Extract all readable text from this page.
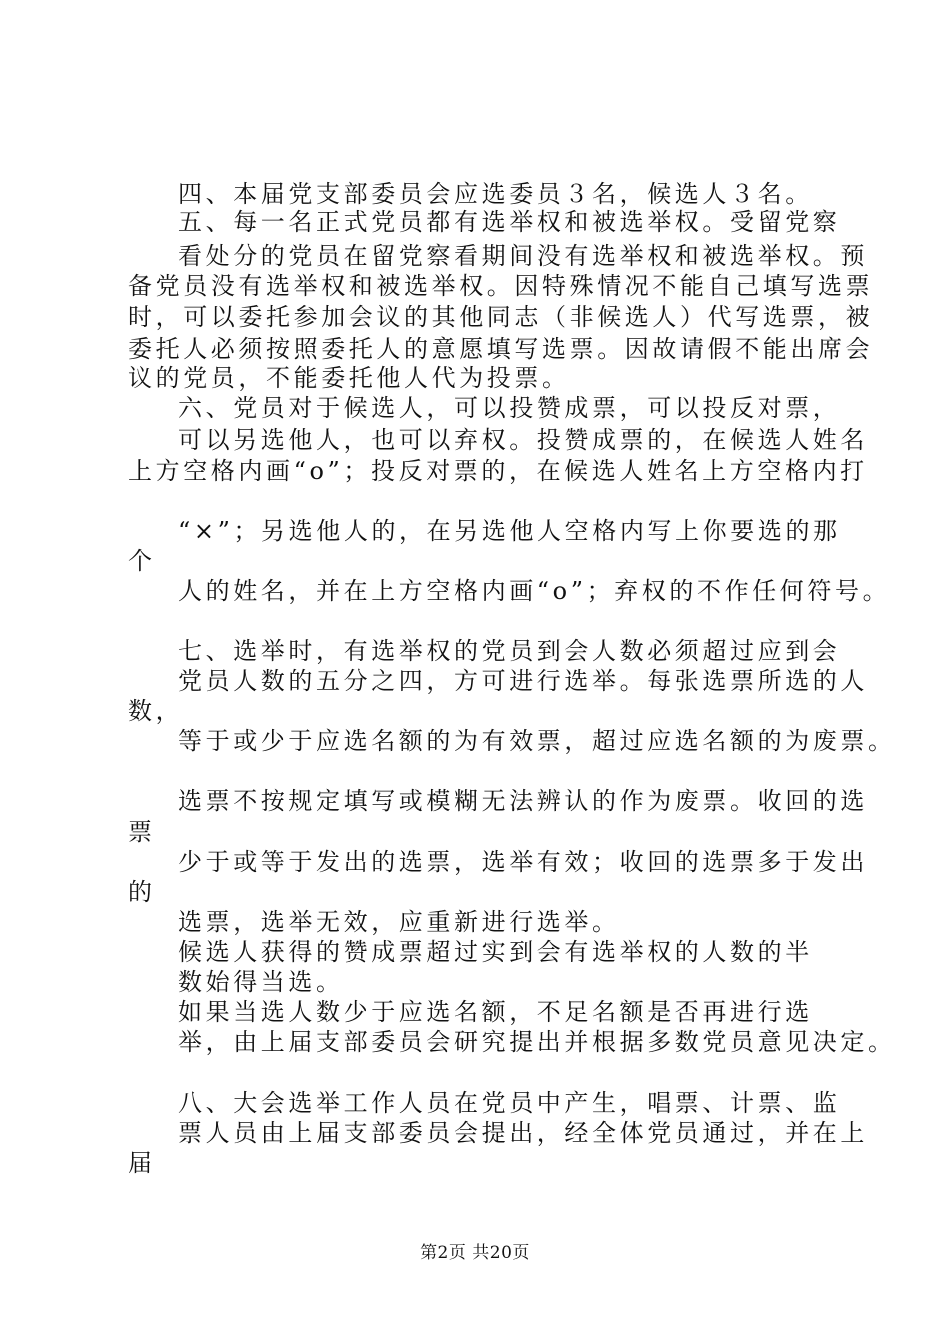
四、本届党支部委员会应选委员３名，候选人３名。
五、每一名正式党员都有选举权和被选举权。受留党察
看处分的党员在留党察看期间没有选举权和被选举权。预
备党员没有选举权和被选举权。因特殊情况不能自己填写选票
时，可以委托参加会议的其他同志（非候选人）代写选票，被
委托人必须按照委托人的意愿填写选票。因故请假不能出席会
议的党员，不能委托他人代为投票。
六、党员对于候选人，可以投赞成票，可以投反对票，
可以另选他人，也可以弃权。投赞成票的，在候选人姓名
上方空格内画“o”；投反对票的，在候选人姓名上方空格内打
“×”；另选他人的，在另选他人空格内写上你要选的那
个
人的姓名，并在上方空格内画“o”；弃权的不作任何符号。
七、选举时，有选举权的党员到会人数必须超过应到会
党员人数的五分之四，方可进行选举。每张选票所选的人
数，
等于或少于应选名额的为有效票，超过应选名额的为废票。
选票不按规定填写或模糊无法辨认的作为废票。收回的选
票
少于或等于发出的选票，选举有效；收回的选票多于发出
的
选票，选举无效，应重新进行选举。
候选人获得的赞成票超过实到会有选举权的人数的半
数始得当选。
如果当选人数少于应选名额，不足名额是否再进行选
举，由上届支部委员会研究提出并根据多数党员意见决定。
八、大会选举工作人员在党员中产生，唱票、计票、监
票人员由上届支部委员会提出，经全体党员通过，并在上
届
第2页 共20页
